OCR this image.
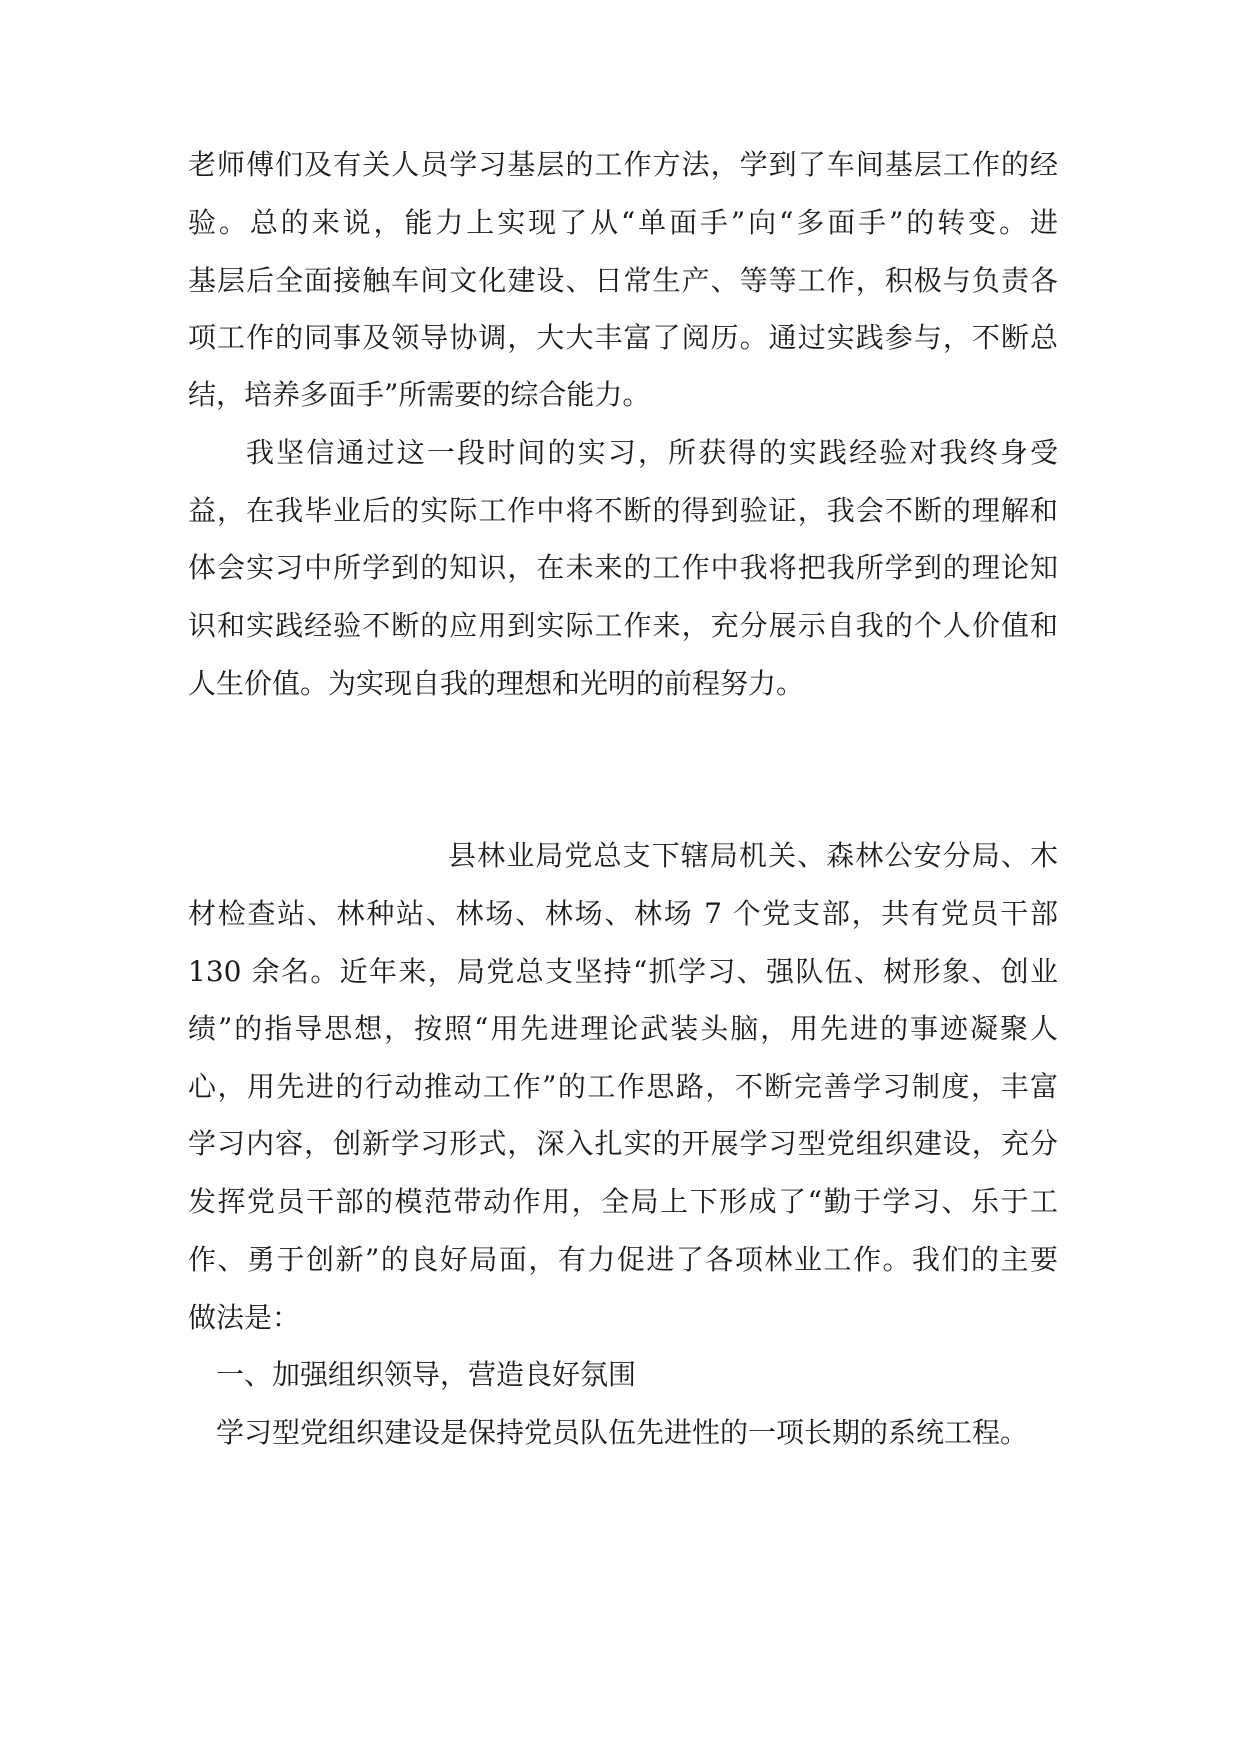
老师傅们及有关人员学习基层的工作方法，学到了车间基层工作的经
验。总的来说，能力上实现了从“单面手”向“多面手”的转变。进
基层后全面接触车间文化建设、日常生产、等等工作，积极与负责各
项工作的同事及领导协调，大大丰富了阅历。通过实践参与，不断总
结，培养多面手”所需要的综合能力。
我坚信通过这一段时间的实习，所获得的实践经验对我终身受
益，在我毕业后的实际工作中将不断的得到验证，我会不断的理解和
体会实习中所学到的知识，在未来的工作中我将把我所学到的理论知
识和实践经验不断的应用到实际工作来，充分展示自我的个人价值和
人生价值。为实现自我的理想和光明的前程努力。
县林业局党总支下辖局机关、森林公安分局、木
材检查站、林种站、林场、林场、林场 7 个党支部，共有党员干部
130 余名。近年来，局党总支坚持“抓学习、强队伍、树形象、创业
绩”的指导思想，按照“用先进理论武装头脑，用先进的事迹凝聚人
心，用先进的行动推动工作”的工作思路，不断完善学习制度，丰富
学习内容，创新学习形式，深入扎实的开展学习型党组织建设，充分
发挥党员干部的模范带动作用，全局上下形成了“勤于学习、乐于工
作、勇于创新”的良好局面，有力促进了各项林业工作。我们的主要
做法是：
一、加强组织领导，营造良好氛围
学习型党组织建设是保持党员队伍先进性的一项长期的系统工程。
